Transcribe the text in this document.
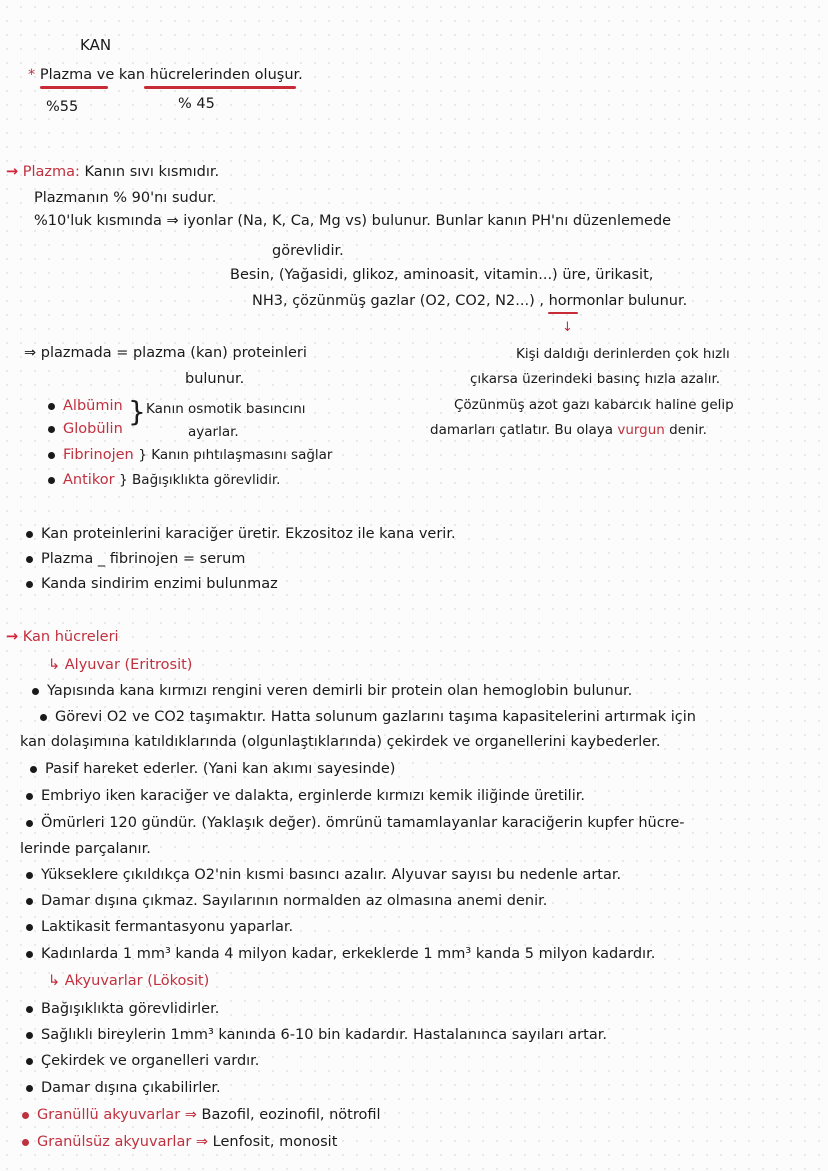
KAN
* Plazma ve kan hücrelerinden oluşur.
%55	% 45
→ Plazma: Kanın sıvı kısmıdır.
Plazmanın % 90'nı sudur.
%10'luk kısmında ⇒ iyonlar (Na, K, Ca, Mg vs) bulunur. Bunlar kanın PH'nı düzenlemede
görevlidir.
Besin, (Yağasidi, glikoz, aminoasit, vitamin...) üre, ürikasit,
NH3, çözünmüş gazlar (O2, CO2, N2...) , hormonlar bulunur.
↓
⇒ plazmada = plazma (kan) proteinleri
bulunur.
Kişi daldığı derinlerden çok hızlı
çıkarsa üzerindeki basınç hızla azalır.
Çözünmüş azot gazı kabarcık haline gelip
damarları çatlatır. Bu olaya vurgun denir.
Albümin
Globülin
} Kanın osmotik basıncını
ayarlar.
Fibrinojen } Kanın pıhtılaşmasını sağlar
Antikor } Bağışıklıkta görevlidir.
Kan proteinlerini karaciğer üretir. Ekzositoz ile kana verir.
Plazma _ fibrinojen = serum
Kanda sindirim enzimi bulunmaz
→ Kan hücreleri
↳ Alyuvar (Eritrosit)
Yapısında kana kırmızı rengini veren demirli bir protein olan hemoglobin bulunur.
Görevi O2 ve CO2 taşımaktır. Hatta solunum gazlarını taşıma kapasitelerini artırmak için
kan dolaşımına katıldıklarında (olgunlaştıklarında) çekirdek ve organellerini kaybederler.
Pasif hareket ederler. (Yani kan akımı sayesinde)
Embriyo iken karaciğer ve dalakta, erginlerde kırmızı kemik iliğinde üretilir.
Ömürleri 120 gündür. (Yaklaşık değer). ömrünü tamamlayanlar karaciğerin kupfer hücre-
lerinde parçalanır.
Yükseklere çıkıldıkça O2'nin kısmi basıncı azalır. Alyuvar sayısı bu nedenle artar.
Damar dışına çıkmaz. Sayılarının normalden az olmasına anemi denir.
Laktikasit fermantasyonu yaparlar.
Kadınlarda 1 mm³ kanda 4 milyon kadar, erkeklerde 1 mm³ kanda 5 milyon kadardır.
↳ Akyuvarlar (Lökosit)
Bağışıklıkta görevlidirler.
Sağlıklı bireylerin 1mm³ kanında 6-10 bin kadardır. Hastalanınca sayıları artar.
Çekirdek ve organelleri vardır.
Damar dışına çıkabilirler.
Granüllü akyuvarlar ⇒ Bazofil, eozinofil, nötrofil
Granülsüz akyuvarlar ⇒ Lenfosit, monosit
